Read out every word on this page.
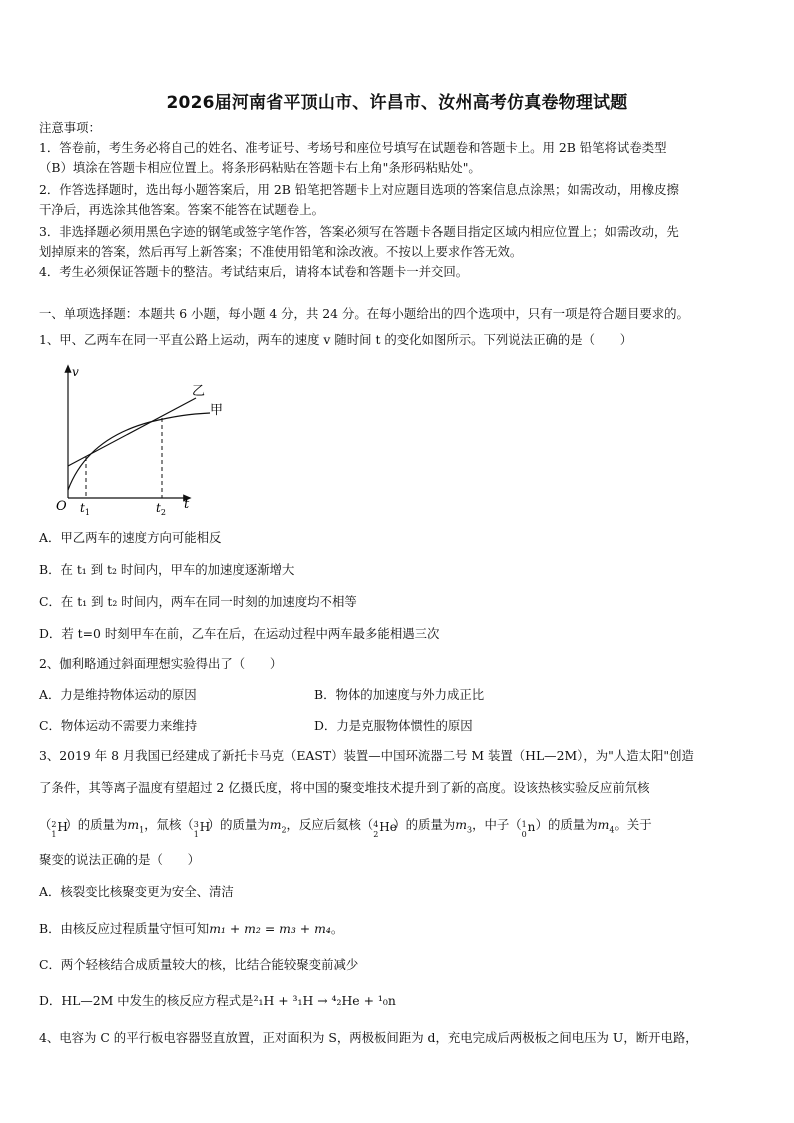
2026届河南省平顶山市、许昌市、汝州高考仿真卷物理试题
注意事项：
1．答卷前，考生务必将自己的姓名、准考证号、考场号和座位号填写在试题卷和答题卡上。用 2B 铅笔将试卷类型
（B）填涂在答题卡相应位置上。将条形码粘贴在答题卡右上角"条形码粘贴处"。
2．作答选择题时，选出每小题答案后，用 2B 铅笔把答题卡上对应题目选项的答案信息点涂黑；如需改动，用橡皮擦
干净后，再选涂其他答案。答案不能答在试题卷上。
3．非选择题必须用黑色字迹的钢笔或签字笔作答，答案必须写在答题卡各题目指定区域内相应位置上；如需改动，先
划掉原来的答案，然后再写上新答案；不准使用铅笔和涂改液。不按以上要求作答无效。
4．考生必须保证答题卡的整洁。考试结束后，请将本试卷和答题卡一并交回。
一、单项选择题：本题共 6 小题，每小题 4 分，共 24 分。在每小题给出的四个选项中，只有一项是符合题目要求的。
1、甲、乙两车在同一平直公路上运动，两车的速度 v 随时间 t 的变化如图所示。下列说法正确的是（　　）
v
t
O $t_1$	$t_2$
乙
甲
A．甲乙两车的速度方向可能相反
B．在 t₁ 到 t₂ 时间内，甲车的加速度逐渐增大
C．在 t₁ 到 t₂ 时间内，两车在同一时刻的加速度均不相等
D．若 t=0 时刻甲车在前，乙车在后，在运动过程中两车最多能相遇三次
2、伽利略通过斜面理想实验得出了（　　）
A．力是维持物体运动的原因	B．物体的加速度与外力成正比
C．物体运动不需要力来维持	D．力是克服物体惯性的原因
3、2019 年 8 月我国已经建成了新托卡马克（EAST）装置—中国环流器二号 M 装置（HL—2M），为"人造太阳"创造
了条件，其等离子温度有望超过 2 亿摄氏度，将中国的聚变堆技术提升到了新的高度。设该热核实验反应前氘核
（ 2
1
H
）的质量为$m_1$，氚核（ 3
1
H
）的质量为$m_2$，反应后氦核（ 4
2
He
）的质量为$m_3$，中子（ 1
0
n ）的质量为$m_4$。关于
聚变的说法正确的是（　　）
A．核裂变比核聚变更为安全、清洁
B．由核反应过程质量守恒可知m₁ + m₂ = m₃ + m₄。
C．两个轻核结合成质量较大的核，比结合能较聚变前减少
D．HL—2M 中发生的核反应方程式是²₁H + ³₁H → ⁴₂He + ¹₀n
4、电容为 C 的平行板电容器竖直放置，正对面积为 S，两极板间距为 d，充电完成后两极板之间电压为 U，断开电路，
